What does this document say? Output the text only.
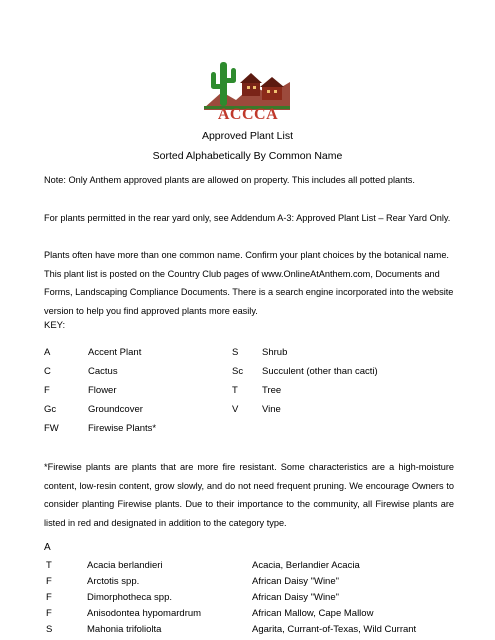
ACCCA
Approved Plant List
Sorted Alphabetically By Common Name
Note: Only Anthem approved plants are allowed on property. This includes all potted plants.
For plants permitted in the rear yard only, see Addendum A-3: Approved Plant List – Rear Yard Only.
Plants often have more than one common name. Confirm your plant choices by the botanical name. This plant list is posted on the Country Club pages of www.OnlineAtAnthem.com, Documents and Forms, Landscaping Compliance Documents. There is a search engine incorporated into the website version to help you find approved plants more easily.
KEY:
A	Accent Plant	S Shrub
C	Cactus	Sc Succulent (other than cacti)
F	Flower	T	Tree
Gc	Groundcover	V Vine
FW	Firewise Plants*
*Firewise plants are plants that are more fire resistant. Some characteristics are a high-moisture content, low-resin content, grow slowly, and do not need frequent pruning. We encourage Owners to consider planting Firewise plants. Due to their importance to the community, all Firewise plants are listed in red and designated in addition to the category type.
A
T	Acacia berlandieri	Acacia, Berlandier Acacia
F	Arctotis spp.	African Daisy "Wine"
F	Dimorphotheca spp.	African Daisy "Wine"
F	Anisodontea hypomardrum	African Mallow, Cape Mallow
S	Mahonia trifoliolta	Agarita, Currant-of-Texas, Wild Currant
